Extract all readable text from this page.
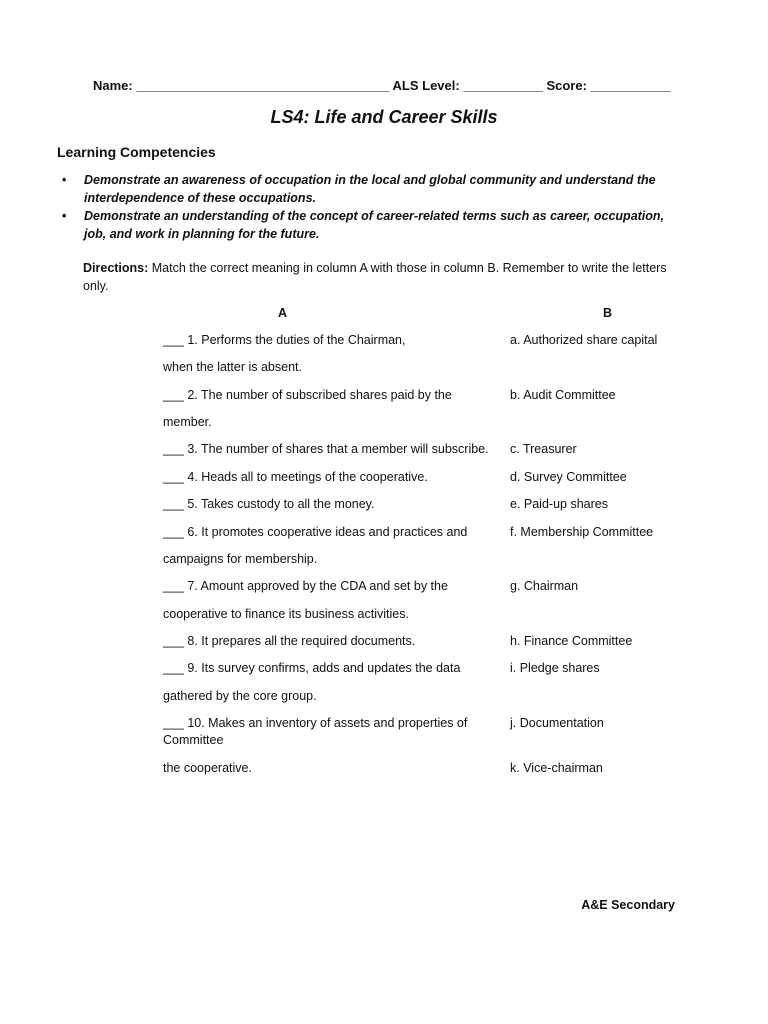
Name: ___________________________________ ALS Level: ___________ Score: ___________
LS4: Life and Career Skills
Learning Competencies
• Demonstrate an awareness of occupation in the local and global community and understand the interdependence of these occupations.
• Demonstrate an understanding of the concept of career-related terms such as career, occupation, job, and work in planning for the future.
Directions: Match the correct meaning in column A with those in column B. Remember to write the letters only.
A	B
___ 1. Performs the duties of the Chairman,
when the latter is absent.
___ 2. The number of subscribed shares paid by the
member.
___ 3. The number of shares that a member will subscribe.
___ 4. Heads all to meetings of the cooperative.
___ 5. Takes custody to all the money.
___ 6. It promotes cooperative ideas and practices and
campaigns for membership.
___ 7. Amount approved by the CDA and set by the
cooperative to finance its business activities.
___ 8. It prepares all the required documents.
___ 9. Its survey confirms, adds and updates the data
gathered by the core group.
___ 10. Makes an inventory of assets and properties of
Committee
the cooperative.
a. Authorized share capital
b. Audit Committee
c. Treasurer
d. Survey Committee
e. Paid-up shares
f. Membership Committee
g. Chairman
h. Finance Committee
i. Pledge shares
j. Documentation
k. Vice-chairman
A&E Secondary
